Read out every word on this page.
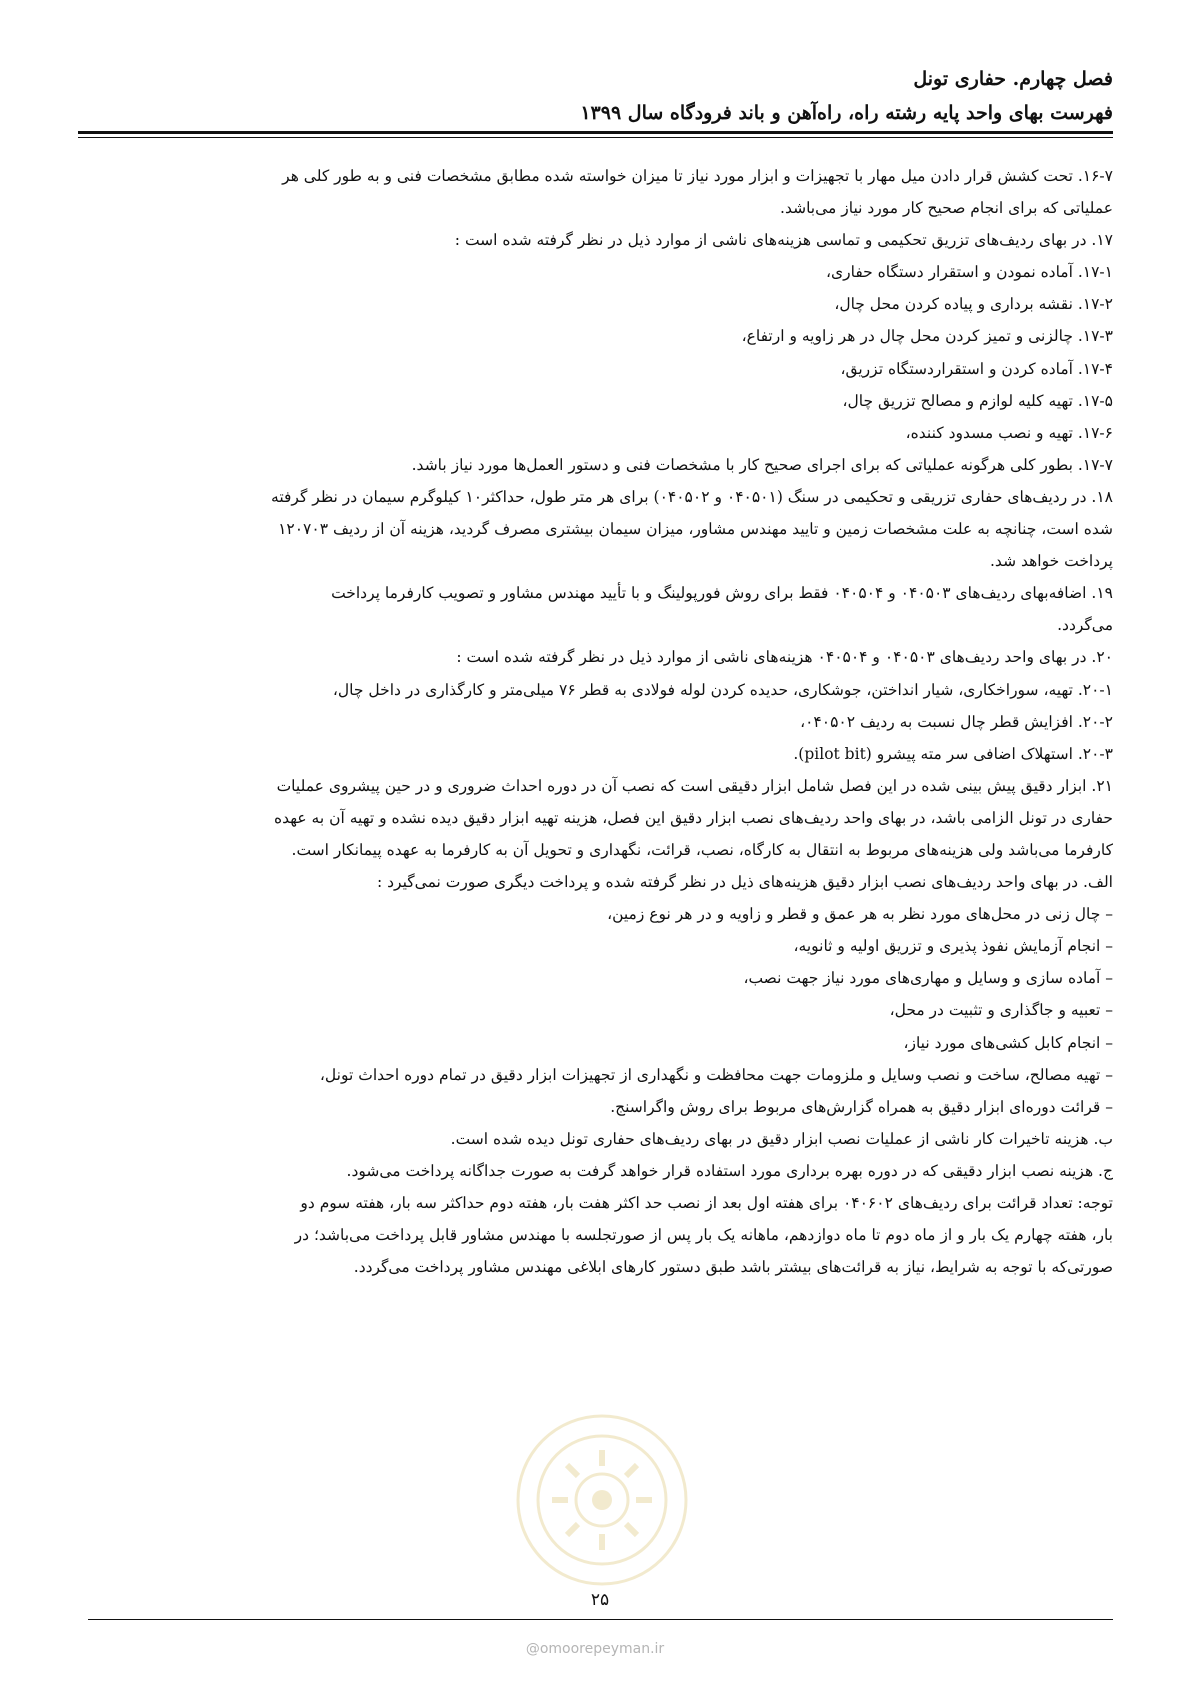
فصل چهارم. حفاری تونل
فهرست بهای واحد پایه رشته راه، راه‌آهن و باند فرودگاه سال ۱۳۹۹
۱۶-۷. تحت کشش قرار دادن میل مهار با تجهیزات و ابزار مورد نیاز تا میزان خواسته شده مطابق مشخصات فنی و به طور کلی هر
عملیاتی که برای انجام صحیح کار مورد نیاز می‌باشد.
۱۷. در بهای ردیف‌های تزریق تحکیمی و تماسی هزینه‌های ناشی از موارد ذیل در نظر گرفته شده است :
۱۷-۱. آماده نمودن و استقرار دستگاه حفاری،
۱۷-۲. نقشه برداری و پیاده کردن محل چال،
۱۷-۳. چالزنی و تمیز کردن محل چال در هر زاویه و ارتفاع،
۱۷-۴. آماده کردن و استقراردستگاه تزریق،
۱۷-۵. تهیه کلیه لوازم و مصالح تزریق چال،
۱۷-۶. تهیه و نصب مسدود کننده،
۱۷-۷. بطور کلی هرگونه عملیاتی که برای اجرای صحیح کار با مشخصات فنی و دستور العمل‌ها مورد نیاز باشد.
۱۸. در ردیف‌های حفاری تزریقی و تحکیمی در سنگ (۰۴۰۵۰۱ و ۰۴۰۵۰۲) برای هر متر طول، حداکثر۱۰ کیلوگرم سیمان در نظر گرفته
شده است، چنانچه به علت مشخصات زمین و تایید مهندس مشاور، میزان سیمان بیشتری مصرف گردید، هزینه آن از ردیف ۱۲۰۷۰۳
پرداخت خواهد شد.
۱۹. اضافه‌بهای ردیف‌های ۰۴۰۵۰۳ و ۰۴۰۵۰۴ فقط برای روش فورپولینگ و با تأیید مهندس مشاور و تصویب کارفرما پرداخت
می‌گردد.
۲۰. در بهای واحد ردیف‌های ۰۴۰۵۰۳ و ۰۴۰۵۰۴ هزینه‌های ناشی از موارد ذیل در نظر گرفته شده است :
۲۰-۱. تهیه، سوراخکاری، شیار انداختن، جوشکاری، حدیده کردن لوله فولادی به قطر ۷۶ میلی‌متر و کارگذاری در داخل چال،
۲۰-۲. افزایش قطر چال نسبت به ردیف ۰۴۰۵۰۲،
۲۰-۳. استهلاک اضافی سر مته پیشرو (pilot bit).
۲۱. ابزار دقیق پیش بینی شده در این فصل شامل ابزار دقیقی است که نصب آن در دوره احداث ضروری و در حین پیشروی عملیات
حفاری در تونل الزامی باشد، در بهای واحد ردیف‌های نصب ابزار دقیق این فصل، هزینه تهیه ابزار دقیق دیده نشده و تهیه آن به عهده
کارفرما می‌باشد ولی هزینه‌های مربوط به انتقال به کارگاه، نصب، قرائت، نگهداری و تحویل آن به کارفرما به عهده پیمانکار است.
الف. در بهای واحد ردیف‌های نصب ابزار دقیق هزینه‌های ذیل در نظر گرفته شده و پرداخت دیگری صورت نمی‌گیرد :
– چال زنی در محل‌های مورد نظر به هر عمق و قطر و زاویه و در هر نوع زمین،
– انجام آزمایش نفوذ پذیری و تزریق اولیه و ثانویه،
– آماده سازی و وسایل و مهاری‌های مورد نیاز جهت نصب،
– تعبیه و جاگذاری و تثبیت در محل،
– انجام کابل کشی‌های مورد نیاز،
– تهیه مصالح، ساخت و نصب وسایل و ملزومات جهت محافظت و نگهداری از تجهیزات ابزار دقیق در تمام دوره احداث تونل،
– قرائت دوره‌ای ابزار دقیق به همراه گزارش‌های مربوط برای روش واگراسنج.
ب. هزینه تاخیرات کار ناشی از عملیات نصب ابزار دقیق در بهای ردیف‌های حفاری تونل دیده شده است.
ج. هزینه نصب ابزار دقیقی که در دوره بهره برداری مورد استفاده قرار خواهد گرفت به صورت جداگانه پرداخت می‌شود.
توجه: تعداد قرائت برای ردیف‌های ۰۴۰۶۰۲ برای هفته اول بعد از نصب حد اکثر هفت بار، هفته دوم حداکثر سه بار، هفته سوم دو
بار، هفته چهارم یک بار و از ماه دوم تا ماه دوازدهم، ماهانه یک بار پس از صورتجلسه با مهندس مشاور قابل پرداخت می‌باشد؛ در
صورتی‌که با توجه به شرایط، نیاز به قرائت‌های بیشتر باشد طبق دستور کارهای ابلاغی مهندس مشاور پرداخت می‌گردد.
۲۵
@omoorepeyman.ir
